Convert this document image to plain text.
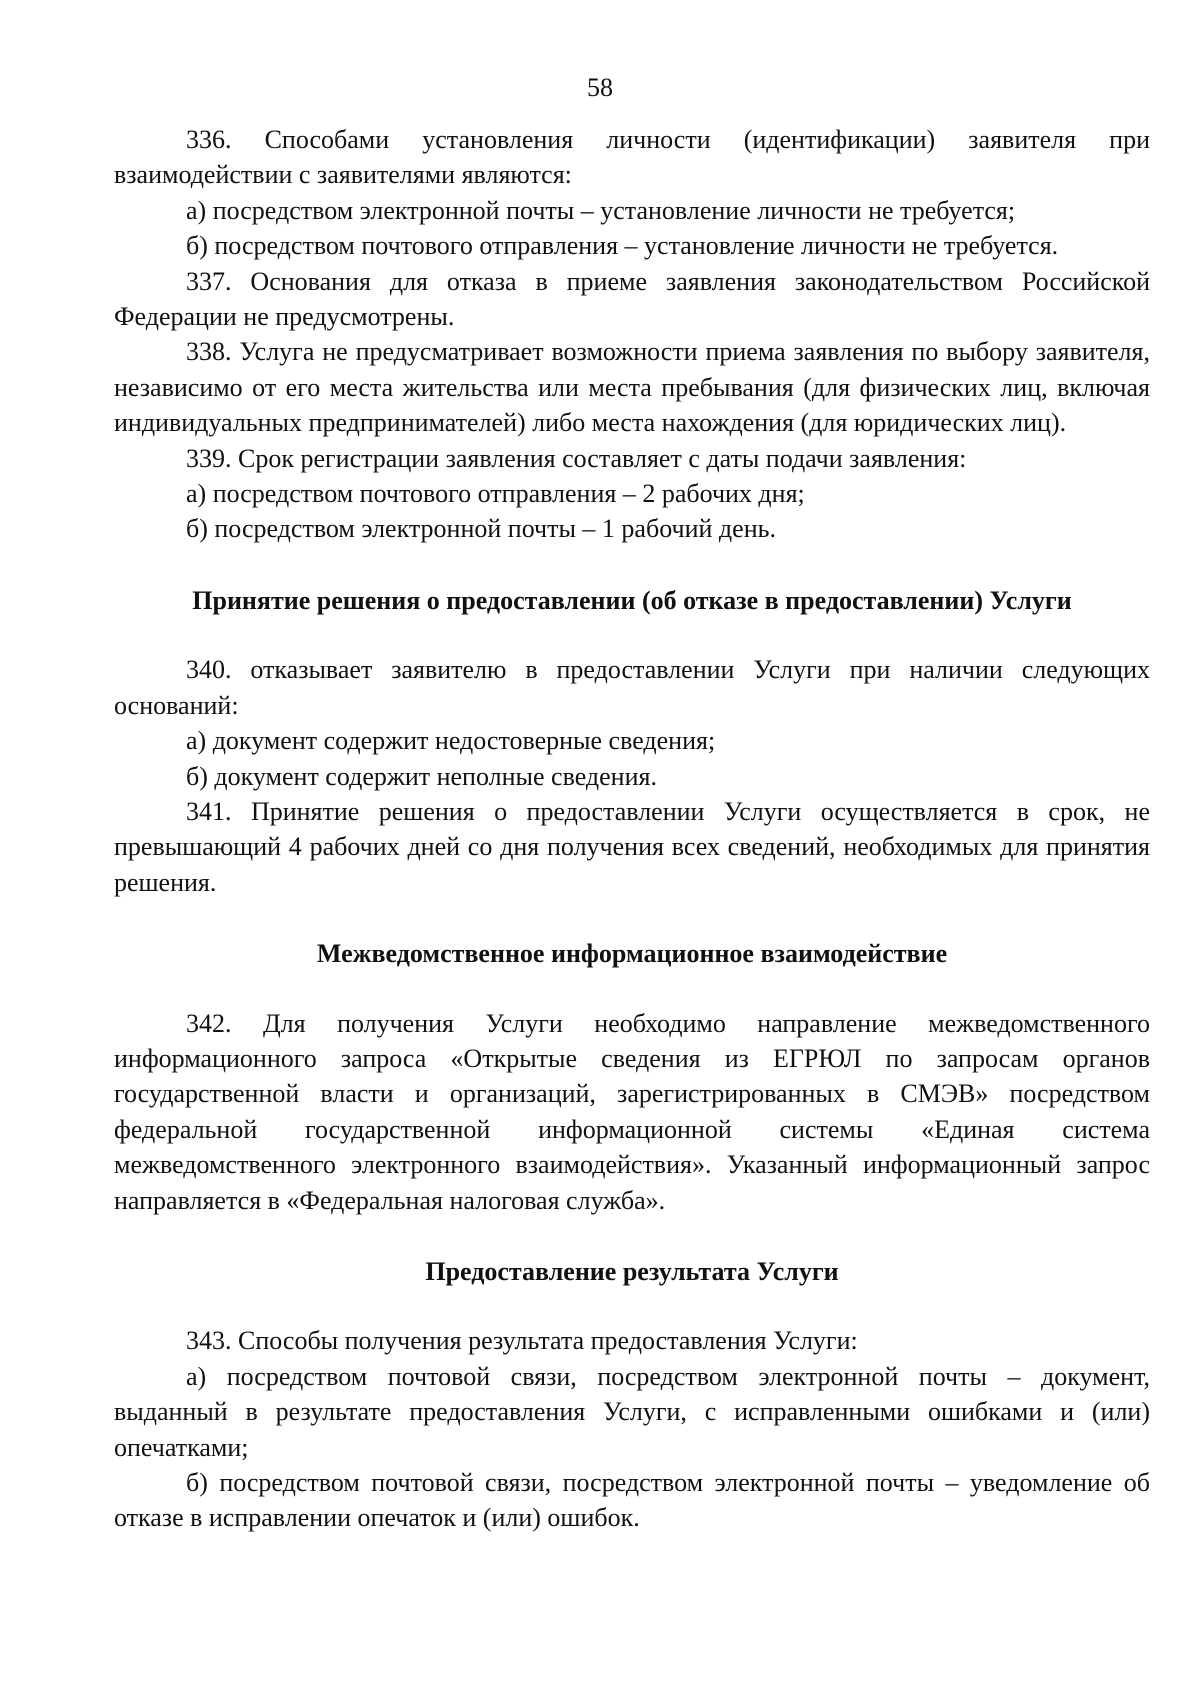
58

336. Способами установления личности (идентификации) заявителя при взаимодействии с заявителями являются:

а) посредством электронной почты – установление личности не требуется;

б) посредством почтового отправления – установление личности не требуется.

337. Основания для отказа в приеме заявления законодательством Российской Федерации не предусмотрены.

338. Услуга не предусматривает возможности приема заявления по выбору заявителя, независимо от его места жительства или места пребывания (для физических лиц, включая индивидуальных предпринимателей) либо места нахождения (для юридических лиц).

339. Срок регистрации заявления составляет с даты подачи заявления:

а) посредством почтового отправления – 2 рабочих дня;

б) посредством электронной почты – 1 рабочий день.

Принятие решения о предоставлении (об отказе в предоставлении) Услуги

340. отказывает заявителю в предоставлении Услуги при наличии следующих оснований:

а) документ содержит недостоверные сведения;

б) документ содержит неполные сведения.

341. Принятие решения о предоставлении Услуги осуществляется в срок, не превышающий 4 рабочих дней со дня получения всех сведений, необходимых для принятия решения.

Межведомственное информационное взаимодействие

342. Для получения Услуги необходимо направление межведомственного информационного запроса «Открытые сведения из ЕГРЮЛ по запросам органов государственной власти и организаций, зарегистрированных в СМЭВ» посредством федеральной государственной информационной системы «Единая система межведомственного электронного взаимодействия». Указанный информационный запрос направляется в «Федеральная налоговая служба».

Предоставление результата Услуги

343. Способы получения результата предоставления Услуги:

а) посредством почтовой связи, посредством электронной почты – документ, выданный в результате предоставления Услуги, с исправленными ошибками и (или) опечатками;

б) посредством почтовой связи, посредством электронной почты – уведомление об отказе в исправлении опечаток и (или) ошибок.
